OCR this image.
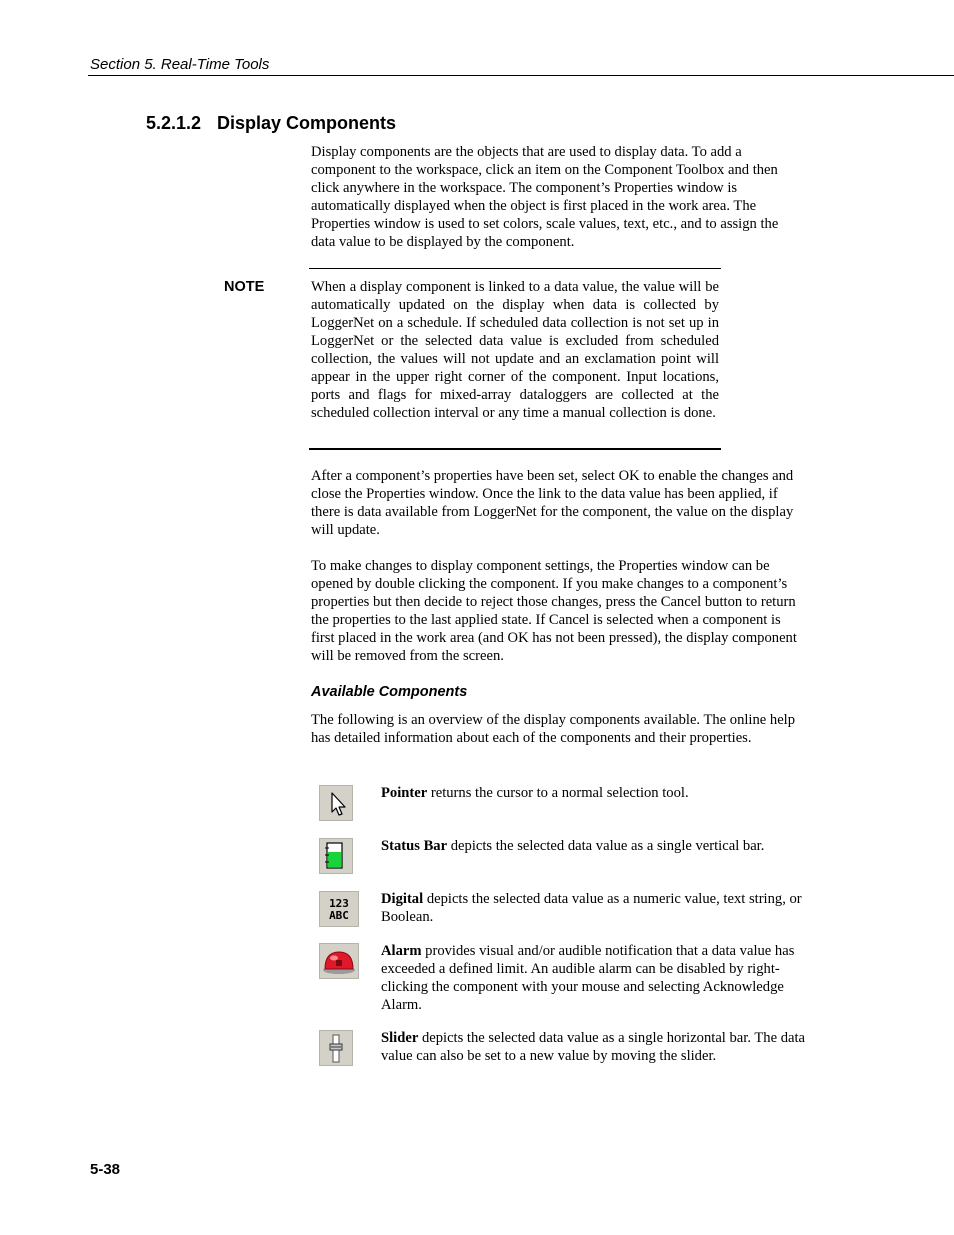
Section 5. Real-Time Tools
5.2.1.2 Display Components
Display components are the objects that are used to display data. To add a component to the workspace, click an item on the Component Toolbox and then click anywhere in the workspace. The component’s Properties window is automatically displayed when the object is first placed in the work area. The Properties window is used to set colors, scale values, text, etc., and to assign the data value to be displayed by the component.
NOTE	When a display component is linked to a data value, the value will be automatically updated on the display when data is collected by LoggerNet on a schedule. If scheduled data collection is not set up in LoggerNet or the selected data value is excluded from scheduled collection, the values will not update and an exclamation point will appear in the upper right corner of the component. Input locations, ports and flags for mixed-array dataloggers are collected at the scheduled collection interval or any time a manual collection is done.
After a component’s properties have been set, select OK to enable the changes and close the Properties window. Once the link to the data value has been applied, if there is data available from LoggerNet for the component, the value on the display will update.
To make changes to display component settings, the Properties window can be opened by double clicking the component. If you make changes to a component’s properties but then decide to reject those changes, press the Cancel button to return the properties to the last applied state. If Cancel is selected when a component is first placed in the work area (and OK has not been pressed), the display component will be removed from the screen.
Available Components
The following is an overview of the display components available. The online help has detailed information about each of the components and their properties.
Pointer returns the cursor to a normal selection tool.
Status Bar depicts the selected data value as a single vertical bar.
123
ABC
Digital depicts the selected data value as a numeric value, text string, or Boolean.
Alarm provides visual and/or audible notification that a data value has exceeded a defined limit. An audible alarm can be disabled by right-clicking the component with your mouse and selecting Acknowledge Alarm.
Slider depicts the selected data value as a single horizontal bar. The data value can also be set to a new value by moving the slider.
5-38
